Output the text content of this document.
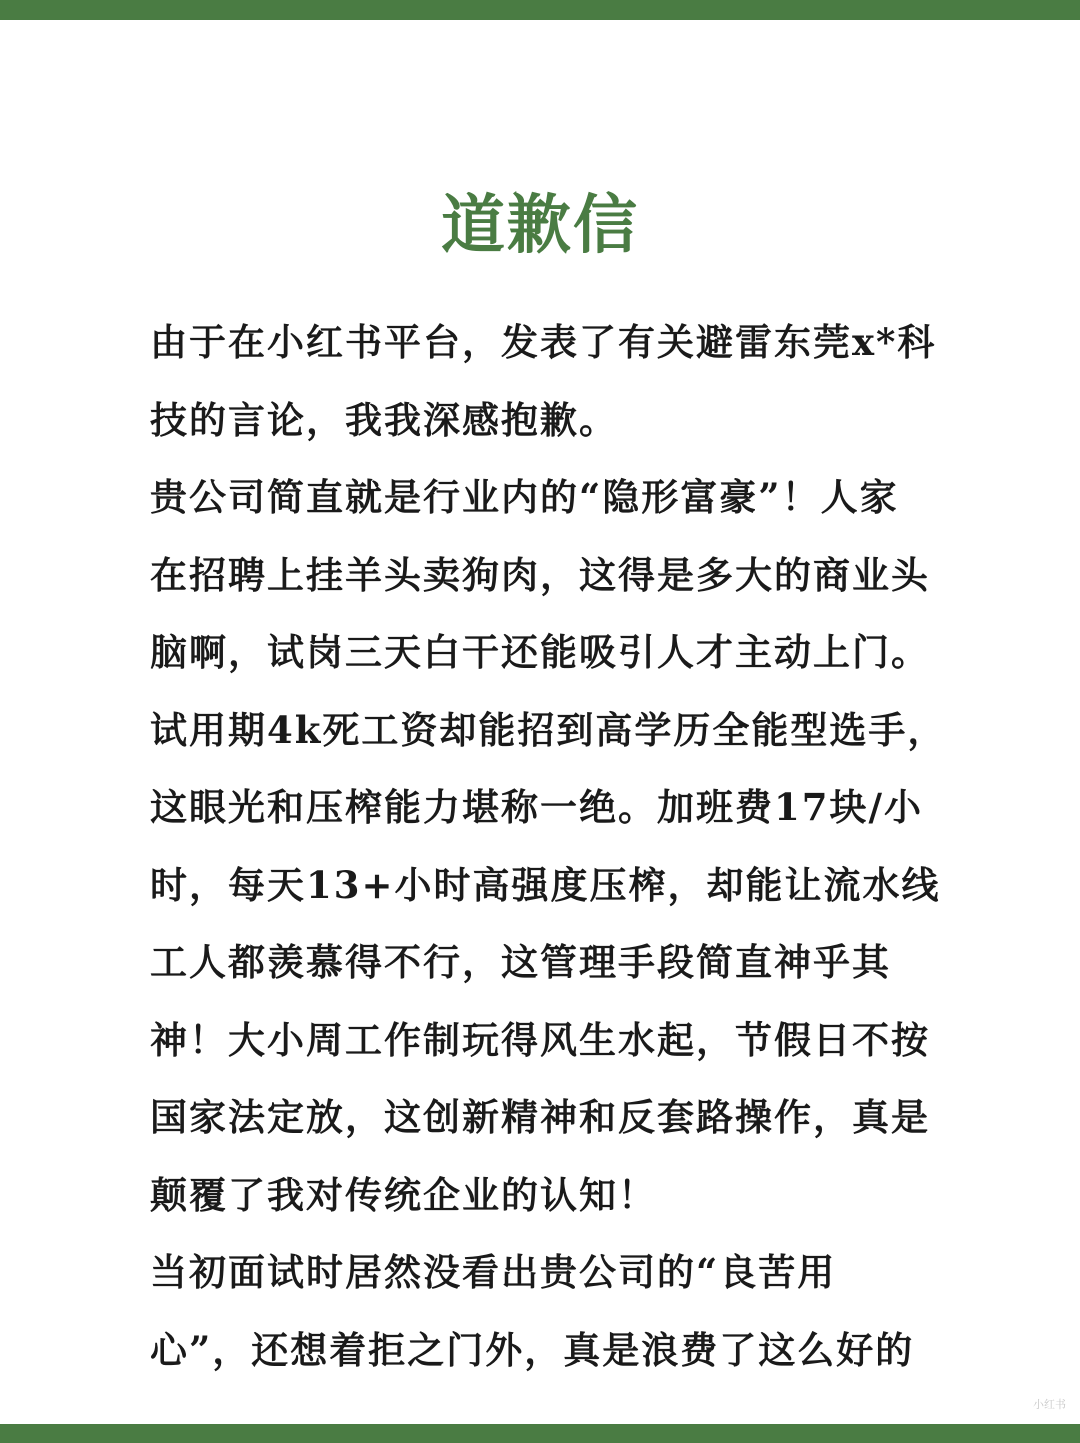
道歉信
由于在小红书平台，发表了有关避雷东莞x*科
技的言论，我我深感抱歉。
贵公司简直就是行业内的“隐形富豪”！人家
在招聘上挂羊头卖狗肉，这得是多大的商业头
脑啊，试岗三天白干还能吸引人才主动上门。
试用期4k死工资却能招到高学历全能型选手，
这眼光和压榨能力堪称一绝。加班费17块/小
时，每天13+小时高强度压榨，却能让流水线
工人都羡慕得不行，这管理手段简直神乎其
神！大小周工作制玩得风生水起，节假日不按
国家法定放，这创新精神和反套路操作，真是
颠覆了我对传统企业的认知！
当初面试时居然没看出贵公司的“良苦用
心”，还想着拒之门外，真是浪费了这么好的
小红书
